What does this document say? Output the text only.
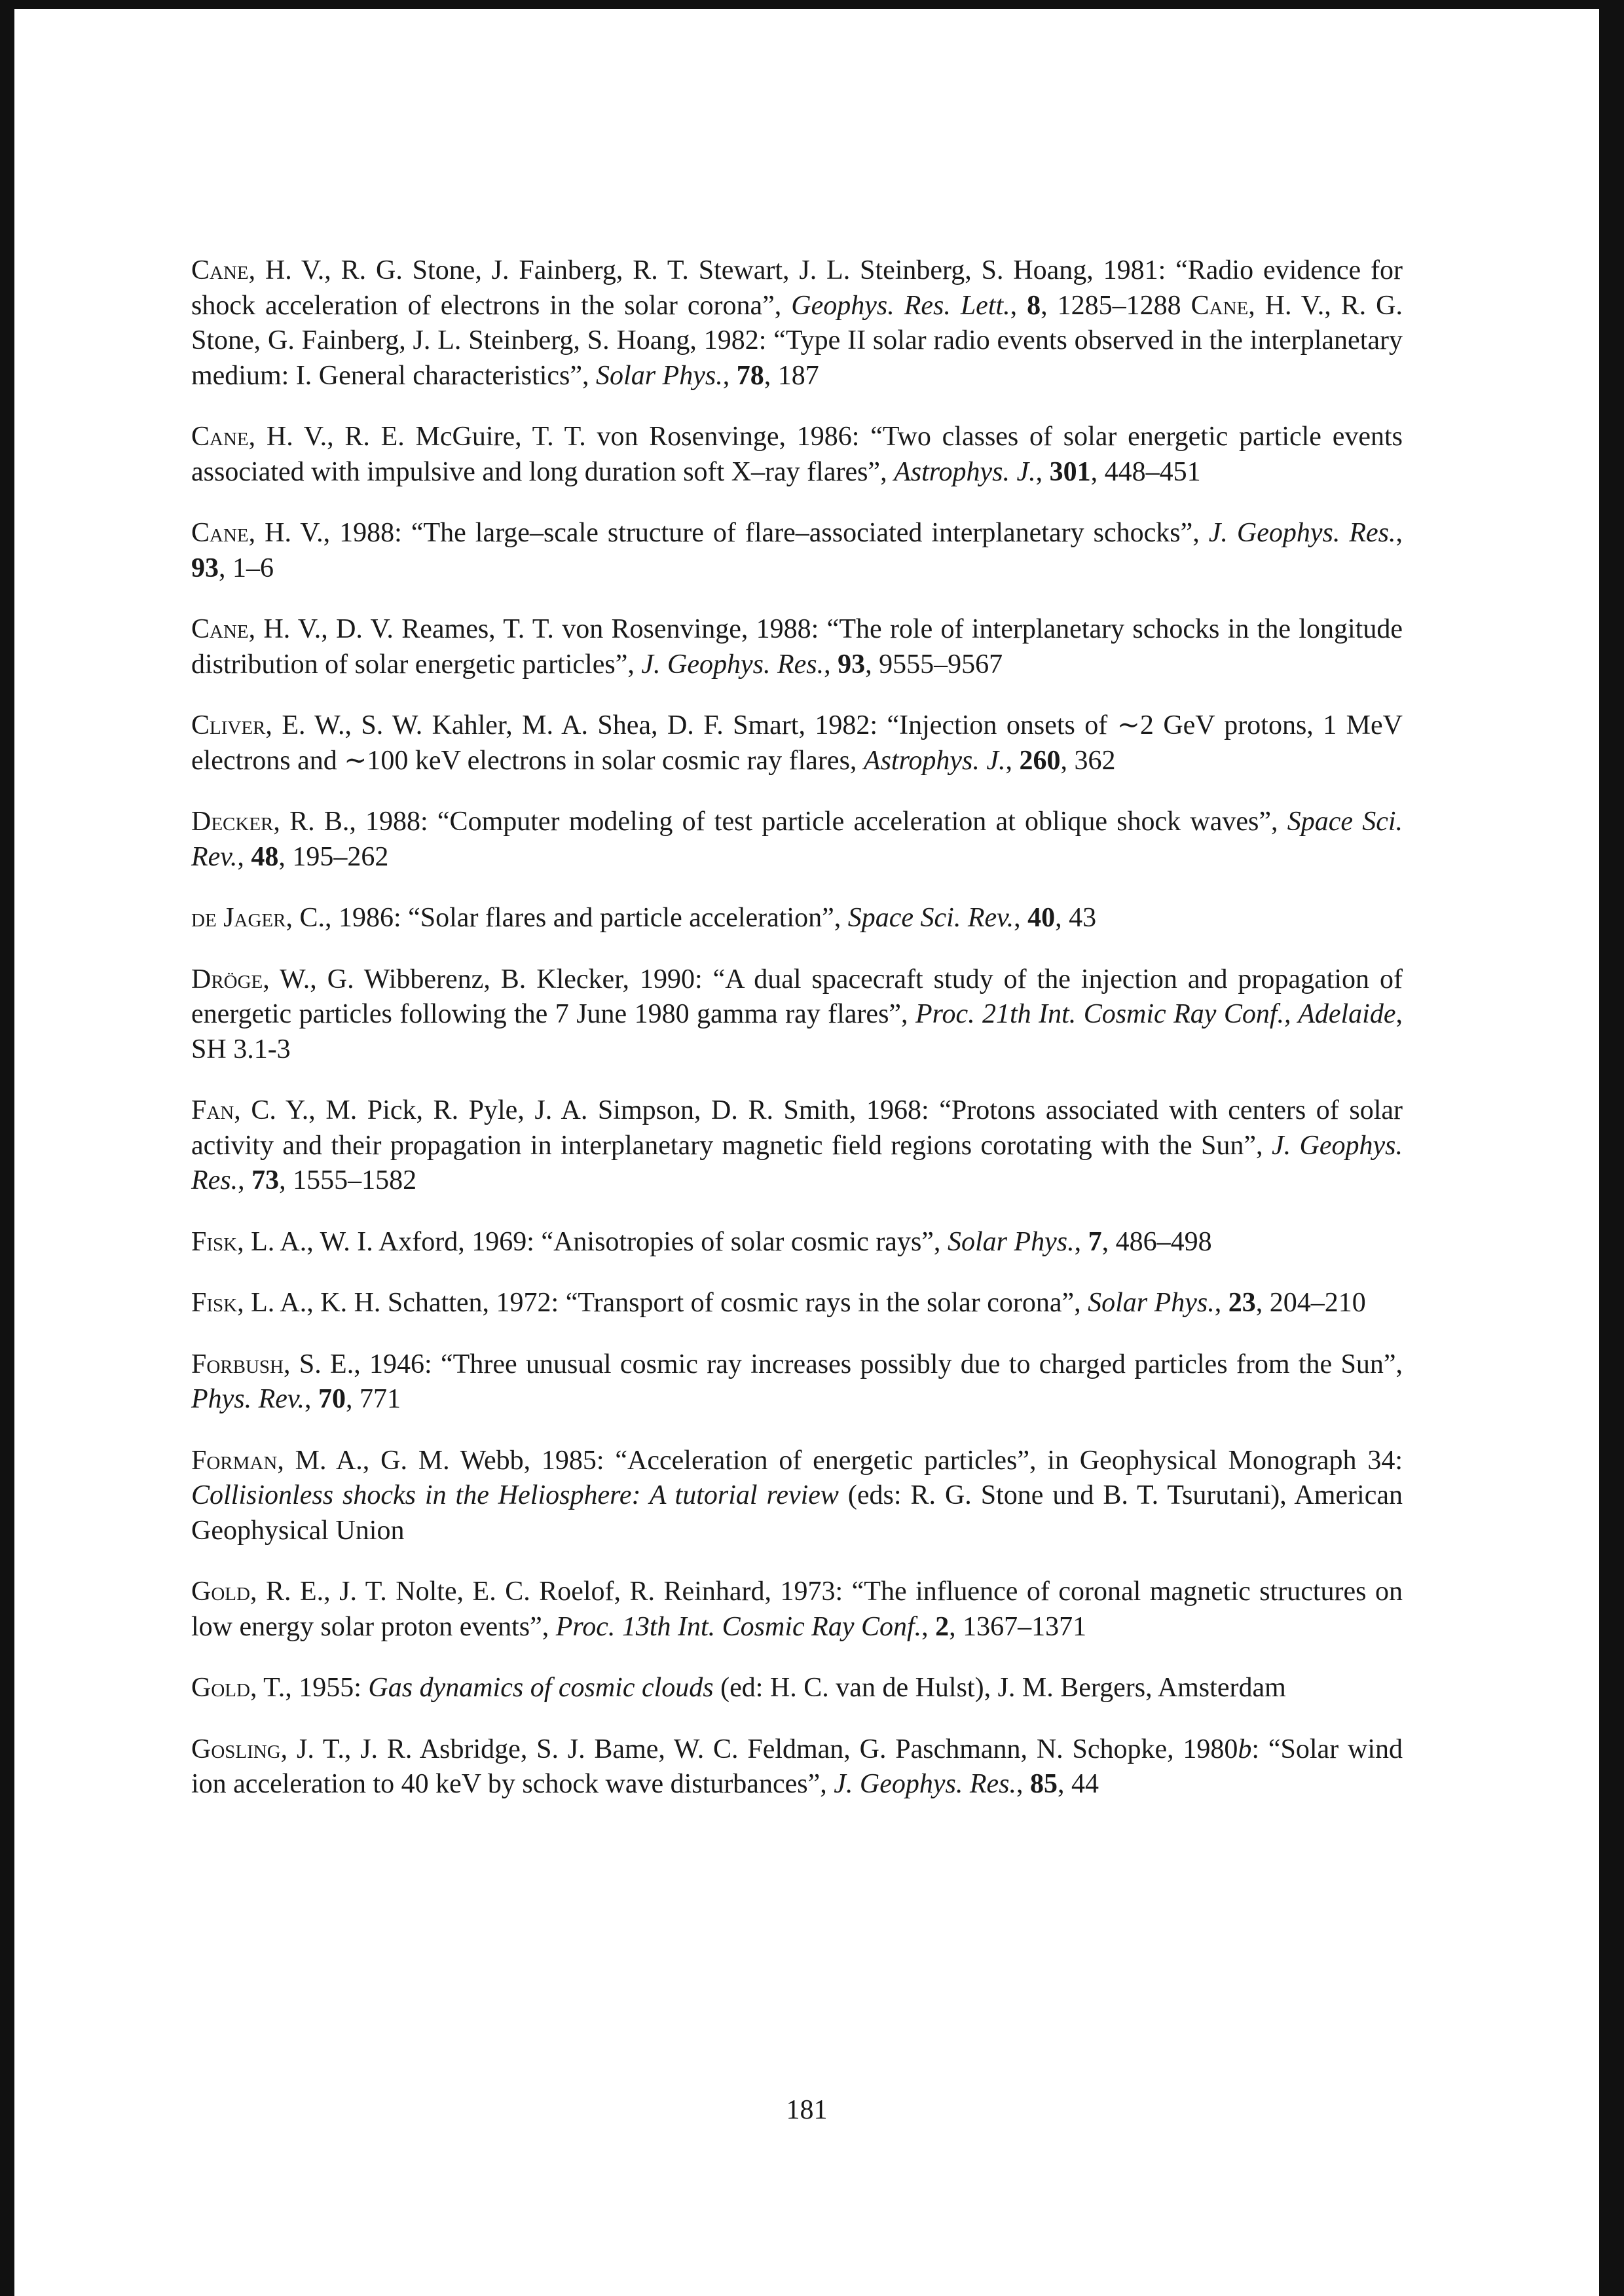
Cane, H. V., R. G. Stone, J. Fainberg, R. T. Stewart, J. L. Steinberg, S. Hoang, 1981: “Radio evidence for shock acceleration of electrons in the solar corona”, Geophys. Res. Lett., 8, 1285–1288 Cane, H. V., R. G. Stone, G. Fainberg, J. L. Steinberg, S. Hoang, 1982: “Type II solar radio events observed in the interplanetary medium: I. General characteristics”, Solar Phys., 78, 187

Cane, H. V., R. E. McGuire, T. T. von Rosenvinge, 1986: “Two classes of solar energetic particle events associated with impulsive and long duration soft X–ray flares”, Astrophys. J., 301, 448–451

Cane, H. V., 1988: “The large–scale structure of flare–associated interplanetary schocks”, J. Geophys. Res., 93, 1–6

Cane, H. V., D. V. Reames, T. T. von Rosenvinge, 1988: “The role of interplanetary schocks in the longitude distribution of solar energetic particles”, J. Geophys. Res., 93, 9555–9567

Cliver, E. W., S. W. Kahler, M. A. Shea, D. F. Smart, 1982: “Injection onsets of ∼2 GeV protons, 1 MeV electrons and ∼100 keV electrons in solar cosmic ray flares, Astrophys. J., 260, 362

Decker, R. B., 1988: “Computer modeling of test particle acceleration at oblique shock waves”, Space Sci. Rev., 48, 195–262

de Jager, C., 1986: “Solar flares and particle acceleration”, Space Sci. Rev., 40, 43

Dröge, W., G. Wibberenz, B. Klecker, 1990: “A dual spacecraft study of the injection and propagation of energetic particles following the 7 June 1980 gamma ray flares”, Proc. 21th Int. Cosmic Ray Conf., Adelaide, SH 3.1-3

Fan, C. Y., M. Pick, R. Pyle, J. A. Simpson, D. R. Smith, 1968: “Protons associated with centers of solar activity and their propagation in interplanetary magnetic field regions corotating with the Sun”, J. Geophys. Res., 73, 1555–1582

Fisk, L. A., W. I. Axford, 1969: “Anisotropies of solar cosmic rays”, Solar Phys., 7, 486–498

Fisk, L. A., K. H. Schatten, 1972: “Transport of cosmic rays in the solar corona”, Solar Phys., 23, 204–210

Forbush, S. E., 1946: “Three unusual cosmic ray increases possibly due to charged particles from the Sun”, Phys. Rev., 70, 771

Forman, M. A., G. M. Webb, 1985: “Acceleration of energetic particles”, in Geophysical Monograph 34: Collisionless shocks in the Heliosphere: A tutorial review (eds: R. G. Stone und B. T. Tsurutani), American Geophysical Union

Gold, R. E., J. T. Nolte, E. C. Roelof, R. Reinhard, 1973: “The influence of coronal magnetic structures on low energy solar proton events”, Proc. 13th Int. Cosmic Ray Conf., 2, 1367–1371

Gold, T., 1955: Gas dynamics of cosmic clouds (ed: H. C. van de Hulst), J. M. Bergers, Amsterdam

Gosling, J. T., J. R. Asbridge, S. J. Bame, W. C. Feldman, G. Paschmann, N. Schopke, 1980b: “Solar wind ion acceleration to 40 keV by schock wave disturbances”, J. Geophys. Res., 85, 44

181
